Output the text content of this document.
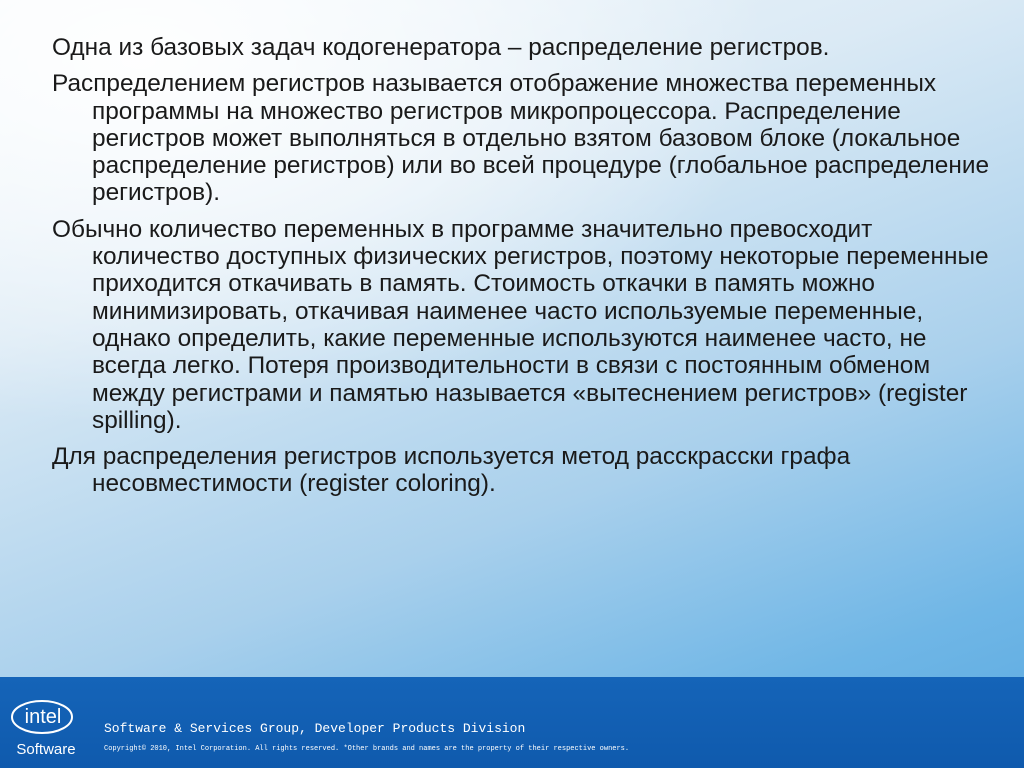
Одна из базовых задач кодогенератора – распределение регистров.

Распределением регистров называется отображение множества переменных программы на множество регистров микропроцессора. Распределение регистров может выполняться в отдельно взятом базовом блоке (локальное распределение регистров) или во всей процедуре (глобальное распределение регистров).

Обычно количество переменных в программе значительно превосходит количество доступных физических регистров, поэтому некоторые переменные приходится откачивать в память. Стоимость откачки в память можно минимизировать, откачивая наименее часто используемые переменные, однако определить, какие переменные используются наименее часто, не всегда легко. Потеря производительности в связи с постоянным обменом между регистрами и памятью называется «вытеснением регистров» (register spilling).

Для распределения регистров используется метод расскрасски графа несовместимости (register coloring).

intel
Software
Software & Services Group, Developer Products Division
Copyright© 2010, Intel Corporation. All rights reserved. *Other brands and names are the property of their respective owners.
